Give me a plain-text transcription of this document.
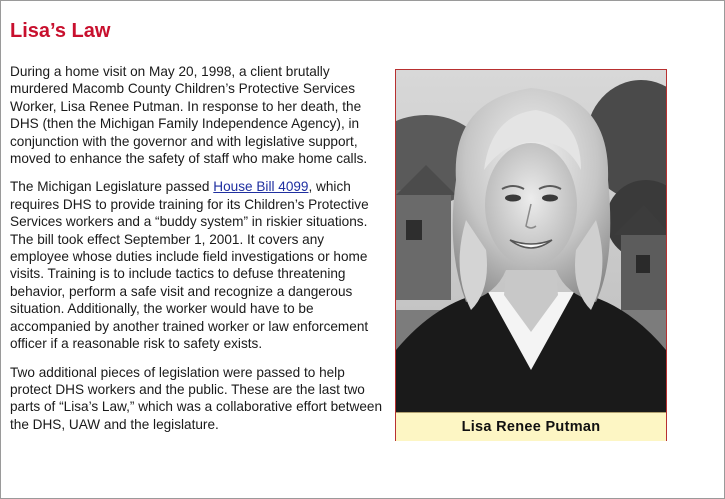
Lisa’s Law

During a home visit on May 20, 1998, a client brutally murdered Macomb County Children’s Protective Services Worker, Lisa Renee Putman. In response to her death, the DHS (then the Michigan Family Independence Agency), in conjunction with the governor and with legislative support, moved to enhance the safety of staff who make home calls.

The Michigan Legislature passed House Bill 4099, which requires DHS to provide training for its Children’s Protective Services workers and a “buddy system” in riskier situations. The bill took effect September 1, 2001. It covers any employee whose duties include field investigations or home visits. Training is to include tactics to defuse threatening behavior, perform a safe visit and recognize a dangerous situation. Additionally, the worker would have to be accompanied by another trained worker or law enforcement officer if a reasonable risk to safety exists.

Two additional pieces of legislation were passed to help protect DHS workers and the public. These are the last two parts of “Lisa’s Law,” which was a collaborative effort between the DHS, UAW and the legislature.	Lisa Renee Putman
